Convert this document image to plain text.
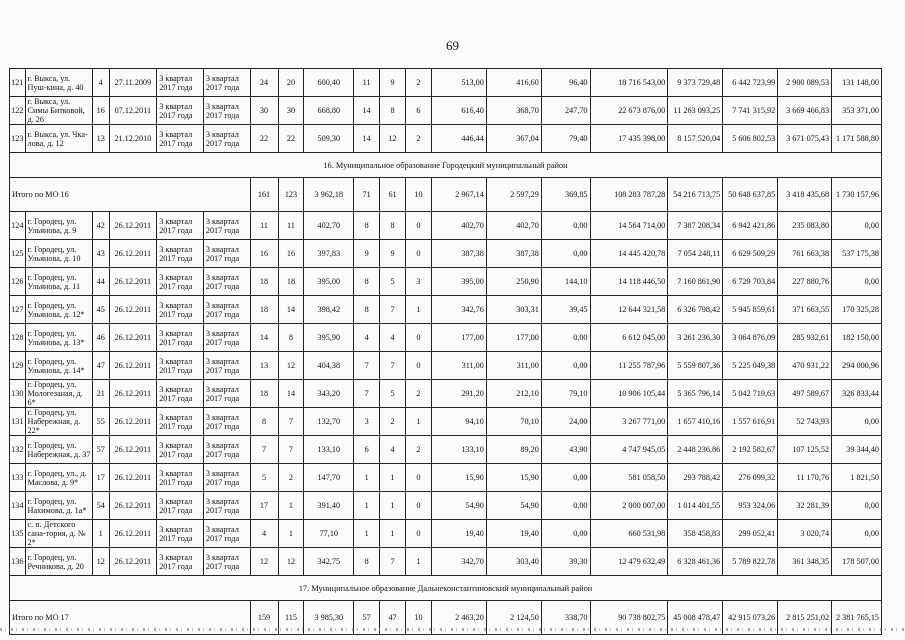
69
121	г. Выкса, ул. Пуш-кина, д. 40	4	27.11.2009	3 квартал 2017 года	3 квартал 2017 года	24	20	600,40	11	9	2	513,00	416,60	96,40	18 716 543,00	9 373 729,48	6 442 723,99	2 900 089,53	131 148,00
122	г. Выкса, ул. Симы Битковой, д. 26	16	07.12.2011	3 квартал 2017 года	3 квартал 2017 года	30	30	668,80	14	8	6	616,40	368,70	247,70	22 673 876,00	11 263 093,25	7 741 315,92	3 669 466,83	353 371,00
123	г. Выкса, ул. Чка-лова, д. 12	13	21.12.2010	3 квартал 2017 года	3 квартал 2017 года	22	22	509,30	14	12	2	446,44	367,04	79,40	17 435 398,00	8 157 520,04	5 606 802,53	3 671 075,43	1 171 588,80
16. Муниципальное образование Городецкий муниципальный район																			
Итого по МО 16						161	123	3 962,18	71	61	10	2 967,14	2 597,29	369,85	108 283 787,28	54 216 713,75	50 648 637,85	3 418 435,68	1 730 157,96
124	г. Городец, ул. Ульянова, д. 9	42	26.12.2011	3 квартал 2017 года	3 квартал 2017 года	11	11	402,70	8	8	0	402,70	402,70	0,00	14 564 714,00	7 387 208,34	6 942 421,86	235 083,80	0,00
125	г. Городец, ул. Ульянова, д. 10	43	26.12.2011	3 квартал 2017 года	3 квартал 2017 года	16	16	397,83	9	9	0	387,38	387,38	0,00	14 445 420,78	7 054 248,11	6 629 509,29	761 663,38	537 175,38
126	г. Городец, ул. Ульянова, д. 11	44	26.12.2011	3 квартал 2017 года	3 квартал 2017 года	18	18	395,00	8	5	3	395,00	250,90	144,10	14 118 446,50	7 160 861,90	6 729 703,84	227 880,76	0,00
127	г. Городец, ул. Ульянова, д. 12*	45	26.12.2011	3 квартал 2017 года	3 квартал 2017 года	18	14	398,42	8	7	1	342,76	303,31	39,45	12 644 321,58	6 326 798,42	5 945 859,61	371 663,55	170 325,28
128	г. Городец, ул. Ульянова, д. 13*	46	26.12.2011	3 квартал 2017 года	3 квартал 2017 года	14	8	395,90	4	4	0	177,00	177,00	0,00	6 612 045,00	3 261 236,30	3 064 876,09	285 932,61	182 150,00
129	г. Городец, ул. Ульянова, д. 14*	47	26.12.2011	3 квартал 2017 года	3 квартал 2017 года	13	12	404,38	7	7	0	311,00	311,00	0,00	11 255 787,96	5 559 807,36	5 225 049,38	470 931,22	294 000,96
130	г. Городец, ул. Мологезаная, д. 6*	21	26.12.2011	3 квартал 2017 года	3 квартал 2017 года	18	14	343,20	7	5	2	291,20	212,10	79,10	10 906 105,44	5 365 796,14	5 042 719,63	497 589,67	326 833,44
131	г. Городец, ул. Набережная, д. 22*	55	26.12.2011	3 квартал 2017 года	3 квартал 2017 года	8	7	132,70	3	2	1	94,10	70,10	24,00	3 267 771,00	1 657 410,16	1 557 616,91	52 743,93	0,00
132	г. Городец, ул. Набережная, д. 37	57	26.12.2011	3 квартал 2017 года	3 квартал 2017 года	7	7	133,10	6	4	2	133,10	89,20	43,90	4 747 945,05	2 448 236,86	2 192 582,67	107 125,52	39 344,40
133	г. Городец, ул., д. Маслова, д. 9*	17	26.12.2011	3 квартал 2017 года	3 квартал 2017 года	5	2	147,70	1	1	0	15,90	15,90	0,00	581 058,50	293 788,42	276 099,32	11 170,76	1 821,50
134	г. Городец, ул. Нахимова, д. 1а*	54	26.12.2011	3 квартал 2017 года	3 квартал 2017 года	17	1	391,40	1	1	0	54,90	54,90	0,00	2 000 007,00	1 014 401,55	953 324,06	32 281,39	0,00
135	с. п. Детского сана-тория, д. № 2*	1	26.12.2011	3 квартал 2017 года	3 квартал 2017 года	4	1	77,10	1	1	0	19,40	19,40	0,00	660 531,98	358 458,83	299 052,41	3 020,74	0,00
136	г. Городец, ул. Речникова, д. 20	12	26.12.2011	3 квартал 2017 года	3 квартал 2017 года	12	12	342,75	8	7	1	342,70	303,40	39,30	12 479 632,49	6 328 461,36	5 789 822,78	361 348,35	178 507,00
17. Муниципальное образование Дальнеконстантиновский муниципальный район																			
Итого по МО 17						159	115	3 985,30	57	47	10	2 463,20	2 124,50	338,70	90 738 802,75	45 008 478,47	42 915 073,26	2 815 251,02	2 381 765,15
